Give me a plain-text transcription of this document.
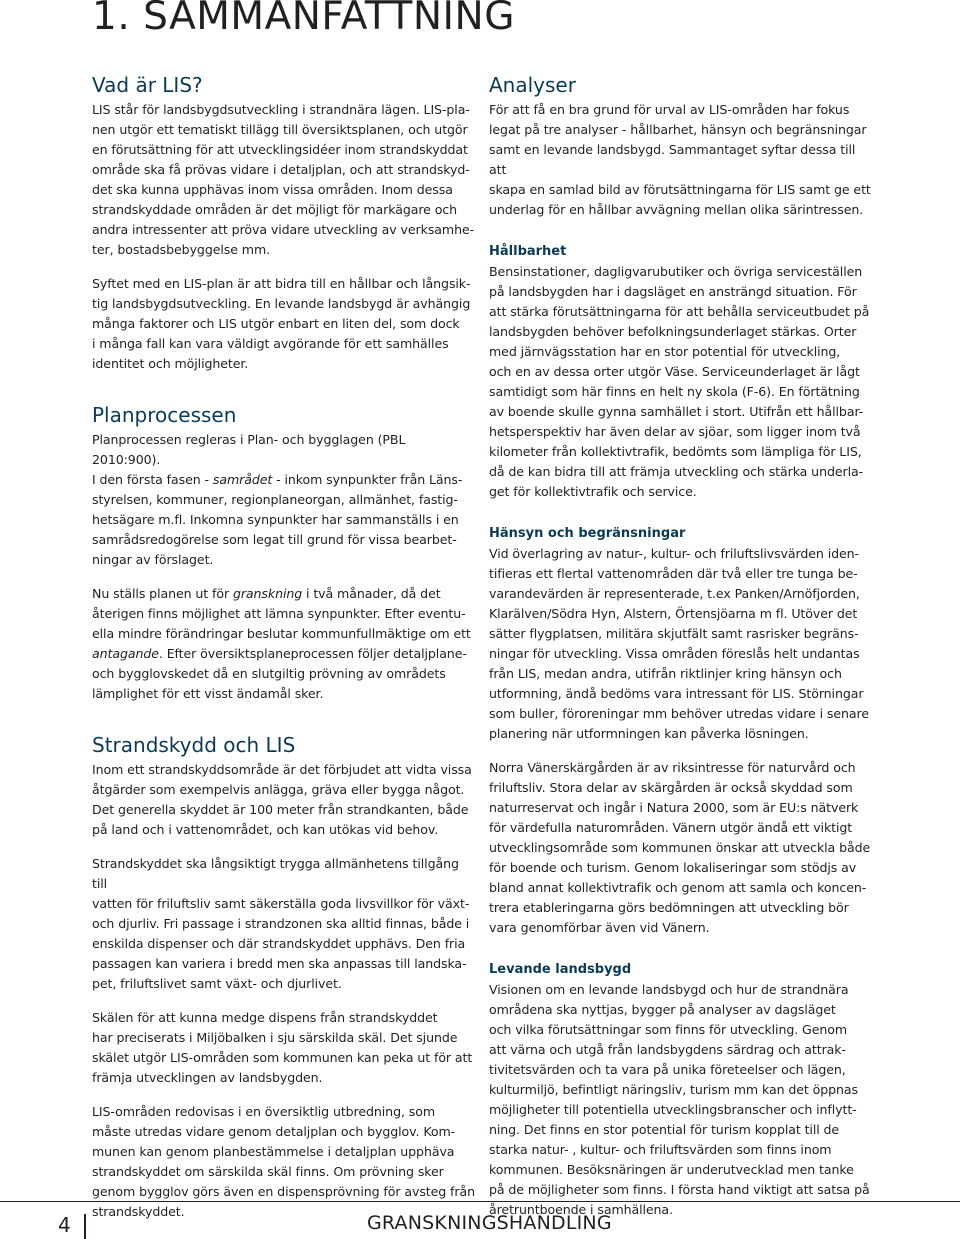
1. SAMMANFATTNING
Vad är LIS?
LIS står för landsbygdsutveckling i strandnära lägen. LIS-pla-
nen utgör ett tematiskt tillägg till översiktsplanen, och utgör
en förutsättning för att utvecklingsidéer inom strandskyddat
område ska få prövas vidare i detaljplan, och att strandskyd-
det ska kunna upphävas inom vissa områden. Inom dessa
strandskyddade områden är det möjligt för markägare och
andra intressenter att pröva vidare utveckling av verksamhe-
ter, bostadsbebyggelse mm.
Syftet med en LIS-plan är att bidra till en hållbar och långsik-
tig landsbygdsutveckling. En levande landsbygd är avhängig
många faktorer och LIS utgör enbart en liten del, som dock
i många fall kan vara väldigt avgörande för ett samhälles
identitet och möjligheter.
Planprocessen
Planprocessen regleras i Plan- och bygglagen (PBL 2010:900).
I den första fasen - samrådet - inkom synpunkter från Läns-
styrelsen, kommuner, regionplaneorgan, allmänhet, fastig-
hetsägare m.fl. Inkomna synpunkter har sammanställs i en
samrådsredogörelse som legat till grund för vissa bearbet-
ningar av förslaget.
Nu ställs planen ut för granskning i två månader, då det
återigen finns möjlighet att lämna synpunkter. Efter eventu-
ella mindre förändringar beslutar kommunfullmäktige om ett
antagande. Efter översiktsplaneprocessen följer detaljplane-
och bygglovskedet då en slutgiltig prövning av områdets
lämplighet för ett visst ändamål sker.
Strandskydd och LIS
Inom ett strandskyddsområde är det förbjudet att vidta vissa
åtgärder som exempelvis anlägga, gräva eller bygga något.
Det generella skyddet är 100 meter från strandkanten, både
på land och i vattenområdet, och kan utökas vid behov.
Strandskyddet ska långsiktigt trygga allmänhetens tillgång till
vatten för friluftsliv samt säkerställa goda livsvillkor för växt-
och djurliv. Fri passage i strandzonen ska alltid finnas, både i
enskilda dispenser och där strandskyddet upphävs. Den fria
passagen kan variera i bredd men ska anpassas till landska-
pet, friluftslivet samt växt- och djurlivet.
Skälen för att kunna medge dispens från strandskyddet
har preciserats i Miljöbalken i sju särskilda skäl. Det sjunde
skälet utgör LIS-områden som kommunen kan peka ut för att
främja utvecklingen av landsbygden.
LIS-områden redovisas i en översiktlig utbredning, som
måste utredas vidare genom detaljplan och bygglov. Kom-
munen kan genom planbestämmelse i detaljplan upphäva
strandskyddet om särskilda skäl finns. Om prövning sker
genom bygglov görs även en dispensprövning för avsteg från
strandskyddet.
Analyser
För att få en bra grund för urval av LIS-områden har fokus
legat på tre analyser - hållbarhet, hänsyn och begränsningar
samt en levande landsbygd. Sammantaget syftar dessa till att
skapa en samlad bild av förutsättningarna för LIS samt ge ett
underlag för en hållbar avvägning mellan olika särintressen.
Hållbarhet
Bensinstationer, dagligvarubutiker och övriga serviceställen
på landsbygden har i dagsläget en ansträngd situation. För
att stärka förutsättningarna för att behålla serviceutbudet på
landsbygden behöver befolkningsunderlaget stärkas. Orter
med järnvägsstation har en stor potential för utveckling,
och en av dessa orter utgör Väse. Serviceunderlaget är lågt
samtidigt som här finns en helt ny skola (F-6). En förtätning
av boende skulle gynna samhället i stort. Utifrån ett hållbar-
hetsperspektiv har även delar av sjöar, som ligger inom två
kilometer från kollektivtrafik, bedömts som lämpliga för LIS,
då de kan bidra till att främja utveckling och stärka underla-
get för kollektivtrafik och service.
Hänsyn och begränsningar
Vid överlagring av natur-, kultur- och friluftslivsvärden iden-
tifieras ett flertal vattenområden där två eller tre tunga be-
varandevärden är representerade, t.ex Panken/Arnöfjorden,
Klarälven/Södra Hyn, Alstern, Örtensjöarna m fl. Utöver det
sätter flygplatsen, militära skjutfält samt rasrisker begräns-
ningar för utveckling. Vissa områden föreslås helt undantas
från LIS, medan andra, utifrån riktlinjer kring hänsyn och
utformning, ändå bedöms vara intressant för LIS. Störningar
som buller, föroreningar mm behöver utredas vidare i senare
planering när utformningen kan påverka lösningen.
Norra Vänerskärgården är av riksintresse för naturvård och
friluftsliv. Stora delar av skärgården är också skyddad som
naturreservat och ingår i Natura 2000, som är EU:s nätverk
för värdefulla naturområden. Vänern utgör ändå ett viktigt
utvecklingsområde som kommunen önskar att utveckla både
för boende och turism. Genom lokaliseringar som stödjs av
bland annat kollektivtrafik och genom att samla och koncen-
trera etableringarna görs bedömningen att utveckling bör
vara genomförbar även vid Vänern.
Levande landsbygd
Visionen om en levande landsbygd och hur de strandnära
områdena ska nyttjas, bygger på analyser av dagsläget
och vilka förutsättningar som finns för utveckling. Genom
att värna och utgå från landsbygdens särdrag och attrak-
tivitetsvärden och ta vara på unika företeelser och lägen,
kulturmiljö, befintligt näringsliv, turism mm kan det öppnas
möjligheter till potentiella utvecklingsbranscher och inflytt-
ning. Det finns en stor potential för turism kopplat till de
starka natur- , kultur- och friluftsvärden som finns inom
kommunen. Besöksnäringen är underutvecklad men tanke
på de möjligheter som finns. I första hand viktigt att satsa på
åretruntboende i samhällena.
4	GRANSKNINGSHANDLING
